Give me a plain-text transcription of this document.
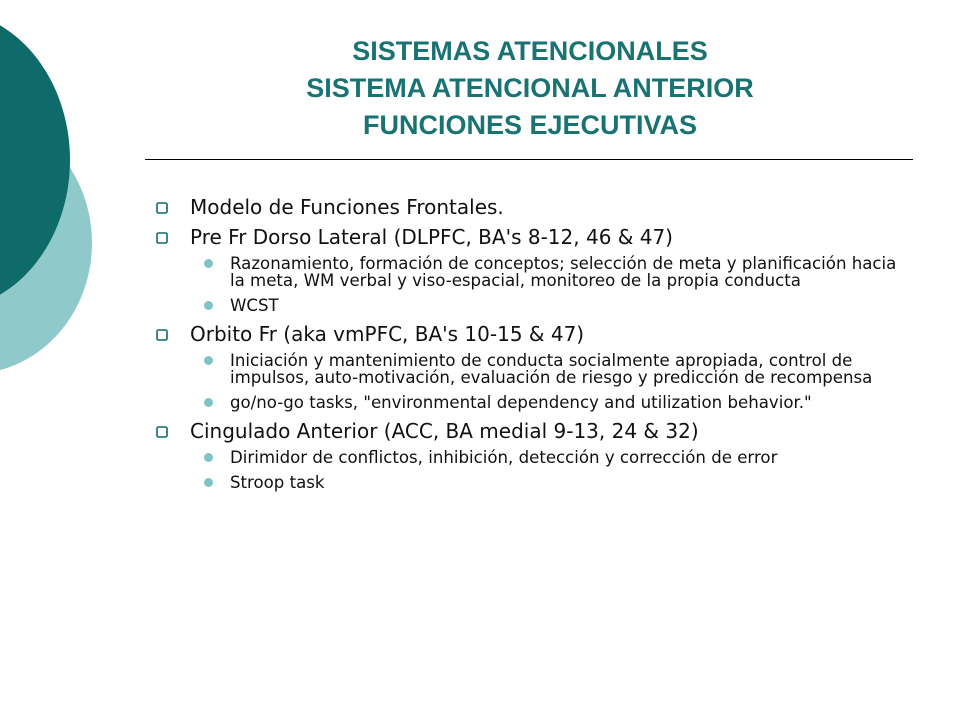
SISTEMAS ATENCIONALES
SISTEMA ATENCIONAL ANTERIOR
FUNCIONES EJECUTIVAS
Modelo de Funciones Frontales.
Pre Fr Dorso Lateral (DLPFC, BA's 8-12, 46 & 47)
Razonamiento, formación de conceptos; selección de meta y planificación hacia la meta, WM verbal y viso-espacial, monitoreo de la propia conducta
WCST
Orbito Fr (aka vmPFC, BA's 10-15 & 47)
Iniciación y mantenimiento de conducta socialmente apropiada, control de impulsos, auto-motivación, evaluación de riesgo y predicción de recompensa
go/no-go tasks, "environmental dependency and utilization behavior."
Cingulado Anterior (ACC, BA medial 9-13, 24 & 32)
Dirimidor de conflictos, inhibición, detección y corrección de error
Stroop task
